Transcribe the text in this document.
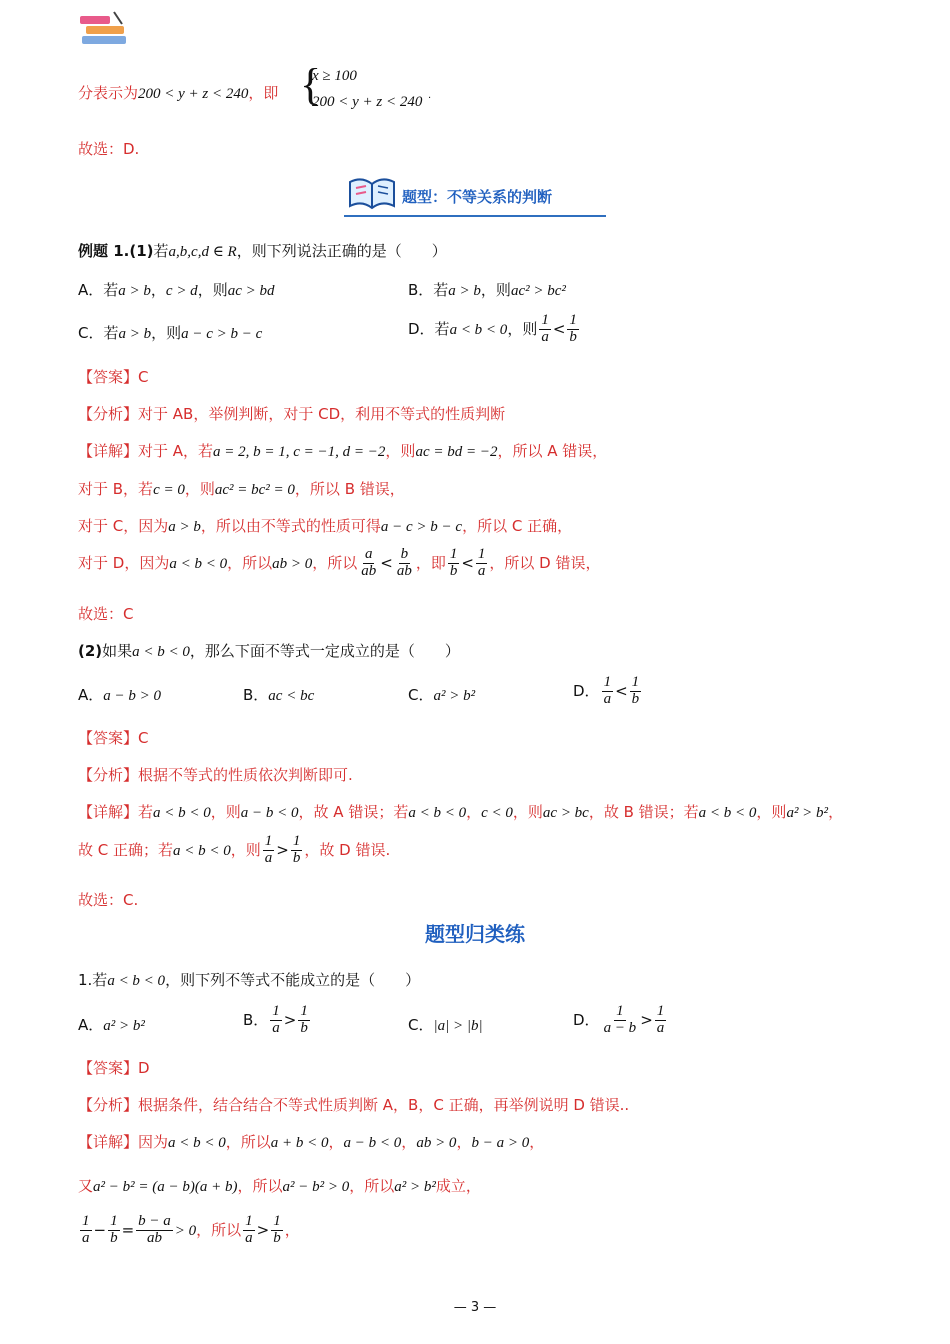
分表示为200 < y + z < 240，即 {
x ≥ 100
200 < y + z < 240 .
故选：D.
题型：不等关系的判断
例题 1.(1)若a,b,c,d ∈ R，则下列说法正确的是（　　）
A．若a > b，c > d，则ac > bd	B．若a > b，则ac² > bc²
C．若a > b，则a − c > b − c	D．若a < b < 0，则 $\frac{1}{a} < \frac{1}{b}$
【答案】C
【分析】对于 AB，举例判断，对于 CD，利用不等式的性质判断
【详解】对于 A，若a = 2, b = 1, c = −1, d = −2，则ac = bd = −2，所以 A 错误，
对于 B，若c = 0，则ac² = bc² = 0，所以 B 错误，
对于 C，因为a > b，所以由不等式的性质可得a − c > b − c，所以 C 正确，
对于 D，因为a < b < 0，所以ab > 0，所以 $\frac{a}{ab} < \frac{b}{ab}$ ，即 $\frac{1}{b} < \frac{1}{a}$ ，所以 D 错误，
故选：C
(2)如果a < b < 0，那么下面不等式一定成立的是（　　）
A．a − b > 0	B．ac < bc	C．a² > b²	D． $\frac{1}{a} < \frac{1}{b}$
【答案】C
【分析】根据不等式的性质依次判断即可.
【详解】若a < b < 0，则a − b < 0，故 A 错误；若a < b < 0，c < 0，则ac > bc，故 B 错误；若a < b < 0，则a² > b²，
故 C 正确；若a < b < 0，则 $\frac{1}{a} > \frac{1}{b}$ ，故 D 错误.
故选：C.
题型归类练
1.若a < b < 0，则下列不等式不能成立的是（　　）
A．a² > b²	B． $\frac{1}{a} > \frac{1}{b}$	C．|a| > |b|	D． $\frac{1}{a - b} > \frac{1}{a}$
【答案】D
【分析】根据条件，结合结合不等式性质判断 A，B，C 正确，再举例说明 D 错误..
【详解】因为a < b < 0，所以a + b < 0，a − b < 0，ab > 0，b − a > 0，
又a² − b² = (a − b)(a + b)，所以a² − b² > 0，所以a² > b²成立，
$\frac{1}{a} - \frac{1}{b} = \frac{b - a}{ab} > 0$，所以 $\frac{1}{a} > \frac{1}{b}$ ，
— 3 —
